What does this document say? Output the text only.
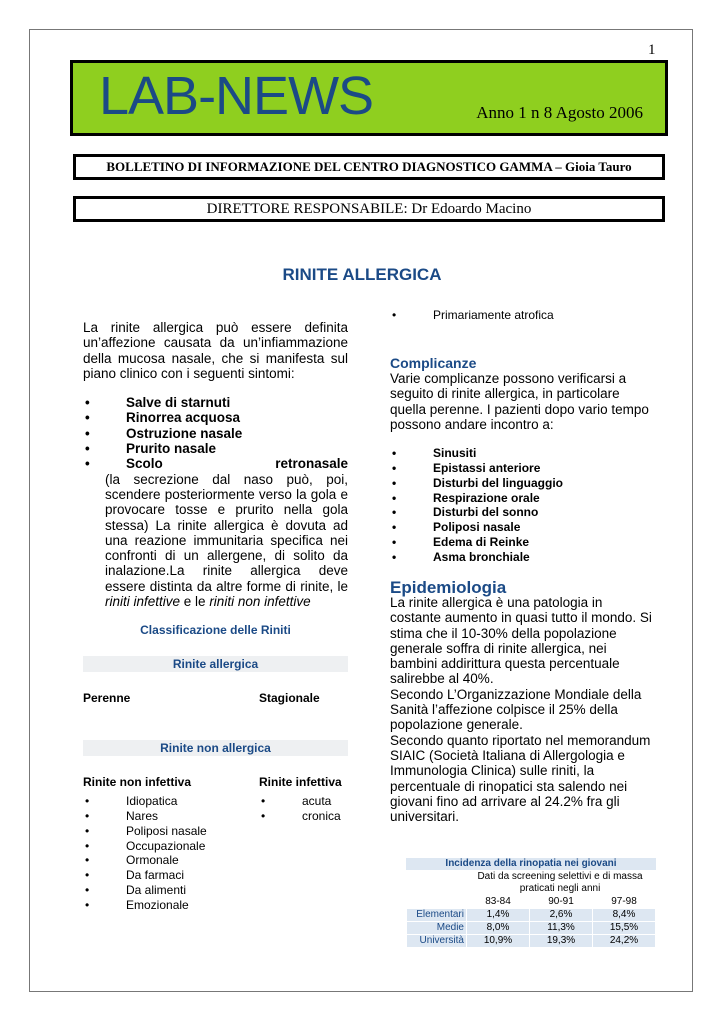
1
LAB-NEWS	Anno 1 n 8 Agosto 2006
BOLLETINO DI INFORMAZIONE DEL CENTRO DIAGNOSTICO GAMMA – Gioia Tauro
DIRETTORE RESPONSABILE: Dr Edoardo Macino
RINITE ALLERGICA
La rinite allergica può essere definita un’affezione causata da un’infiammazione della mucosa nasale, che si manifesta sul piano clinico con i seguenti sintomi:
• Salve di starnuti
• Rinorrea acquosa
• Ostruzione nasale
• Prurito nasale
• Scolo	retronasale
(la secrezione dal naso può, poi, scendere posteriormente verso la gola e provocare tosse e prurito nella gola stessa) La rinite allergica è dovuta ad una reazione immunitaria specifica nei confronti di un allergene, di solito da inalazione.La rinite allergica deve essere distinta da altre forme di rinite, le riniti infettive e le riniti non infettive
Classificazione delle Riniti
Rinite allergica
Perenne	Stagionale
Rinite non allergica
Rinite non infettiva	Rinite infettiva
• Idiopatica
• Nares
• Poliposi nasale
• Occupazionale
• Ormonale
• Da farmaci
• Da alimenti
• Emozionale
• acuta
• cronica
• Primariamente atrofica
Complicanze
Varie complicanze possono verificarsi a seguito di rinite allergica, in particolare quella perenne. I pazienti dopo vario tempo possono andare incontro a:
• Sinusiti
• Epistassi anteriore
• Disturbi del linguaggio
• Respirazione orale
• Disturbi del sonno
• Poliposi nasale
• Edema di Reinke
• Asma bronchiale
Epidemiologia
La rinite allergica è una patologia in costante aumento in quasi tutto il mondo. Si stima che il 10-30% della popolazione generale soffra di rinite allergica, nei bambini addirittura questa percentuale salirebbe al 40%.
Secondo L’Organizzazione Mondiale della Sanità l’affezione colpisce il 25% della popolazione generale.
Secondo quanto riportato nel memorandum SIAIC (Società Italiana di Allergologia e Immunologia Clinica) sulle riniti, la percentuale di rinopatici sta salendo nei giovani fino ad arrivare al 24.2% fra gli universitari.
Incidenza della rinopatia nei giovani
Dati da screening selettivi e di massa praticati negli anni
	83-84	90-91	97-98
Elementari	1,4%	2,6%	8,4%
Medie	8,0%	11,3%	15,5%
Università	10,9%	19,3%	24,2%
